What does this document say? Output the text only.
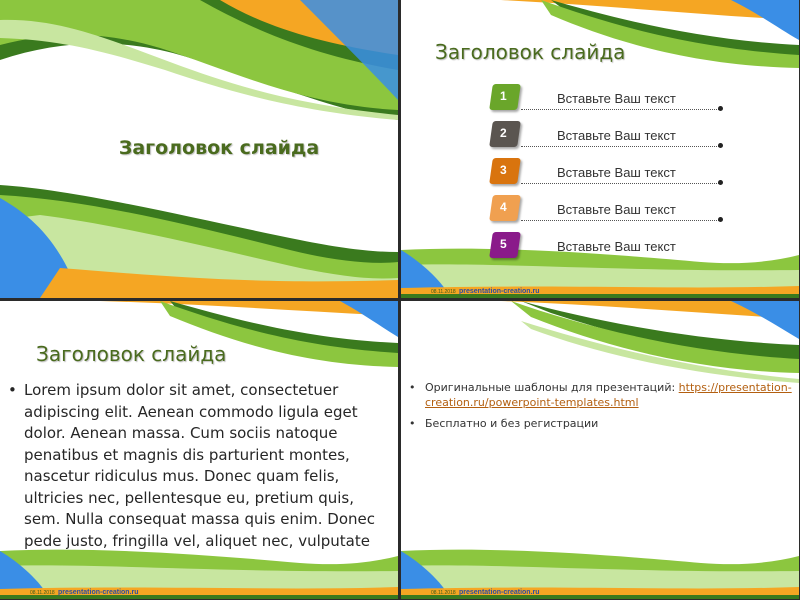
Заголовок слайда
Заголовок слайда
1	Вставьте Ваш текст
2	Вставьте Ваш текст
3	Вставьте Ваш текст
4	Вставьте Ваш текст
5	Вставьте Ваш текст
08.11.2018 presentation-creation.ru
Заголовок слайда
• Lorem ipsum dolor sit amet, consectetuer adipiscing elit. Aenean commodo ligula eget dolor. Aenean massa. Cum sociis natoque penatibus et magnis dis parturient montes, nascetur ridiculus mus. Donec quam felis, ultricies nec, pellentesque eu, pretium quis, sem. Nulla consequat massa quis enim. Donec pede justo, fringilla vel, aliquet nec, vulputate
08.11.2018 presentation-creation.ru
• Оригинальные шаблоны для презентаций: https://presentation-creation.ru/powerpoint-templates.html
• Бесплатно и без регистрации
08.11.2018 presentation-creation.ru
